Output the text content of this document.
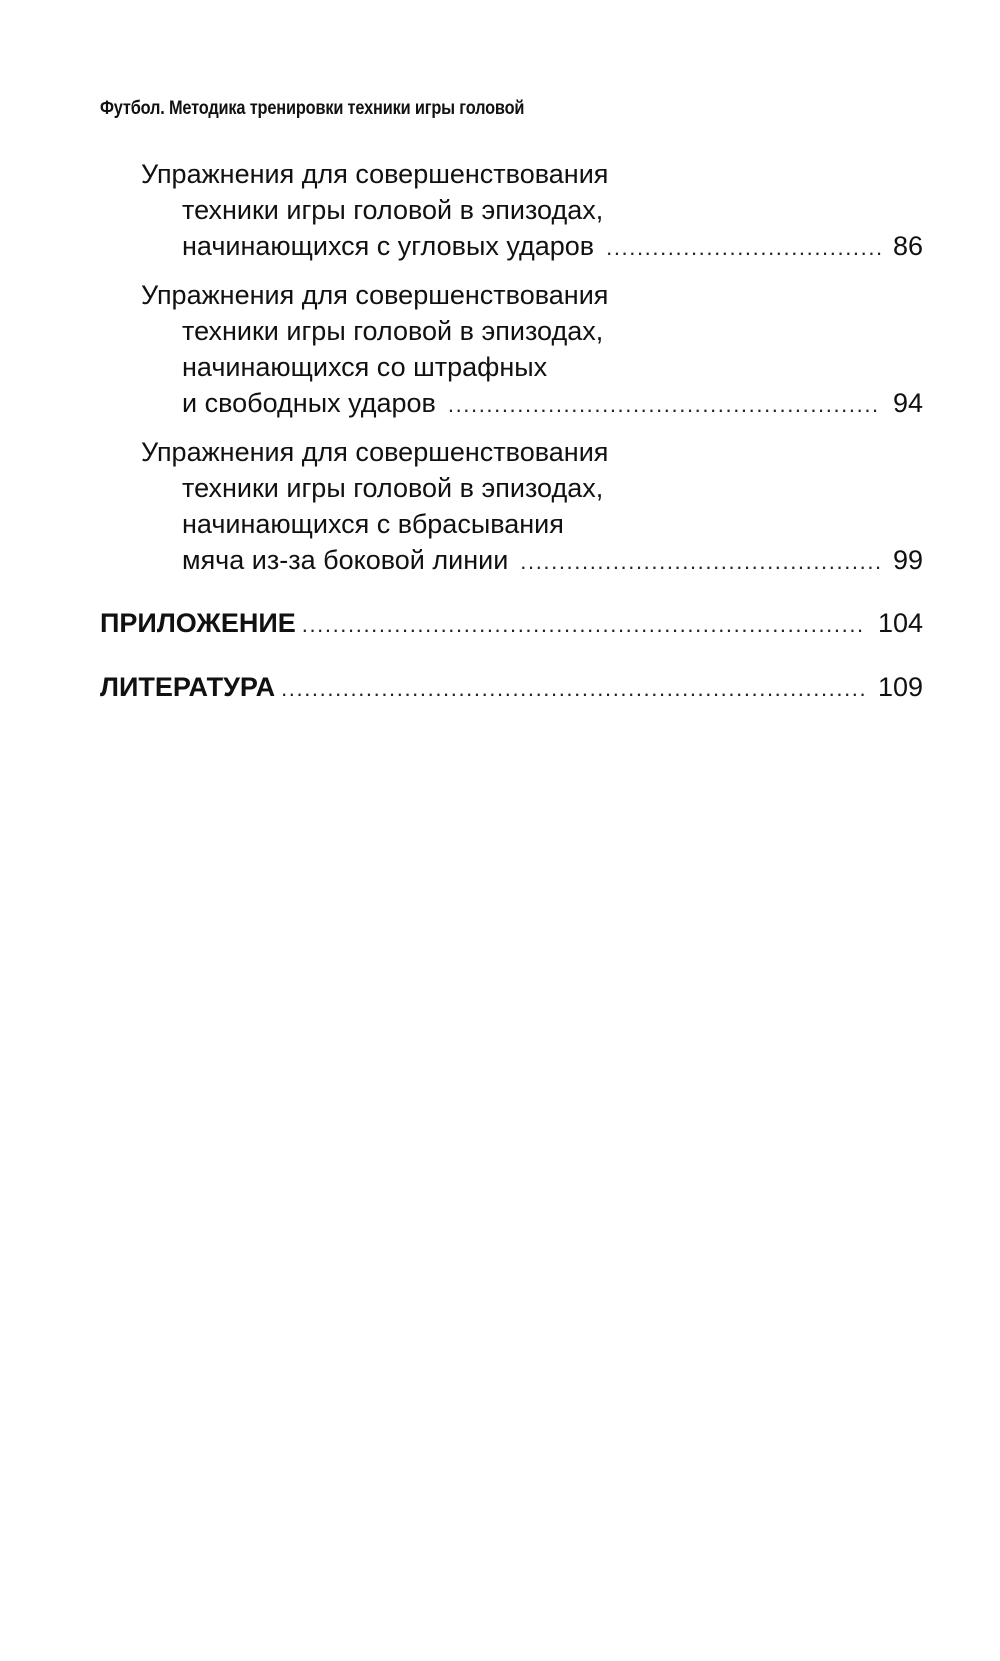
Футбол. Методика тренировки техники игры головой
Упражнения для совершенствования
техники игры головой в эпизодах,
начинающихся с угловых ударов .....	86
Упражнения для совершенствования
техники игры головой в эпизодах,
начинающихся со штрафных
и свободных ударов .....	94
Упражнения для совершенствования
техники игры головой в эпизодах,
начинающихся с вбрасывания
мяча из-за боковой линии .....	99
ПРИЛОЖЕНИЕ .....	104
ЛИТЕРАТУРА .....	109
